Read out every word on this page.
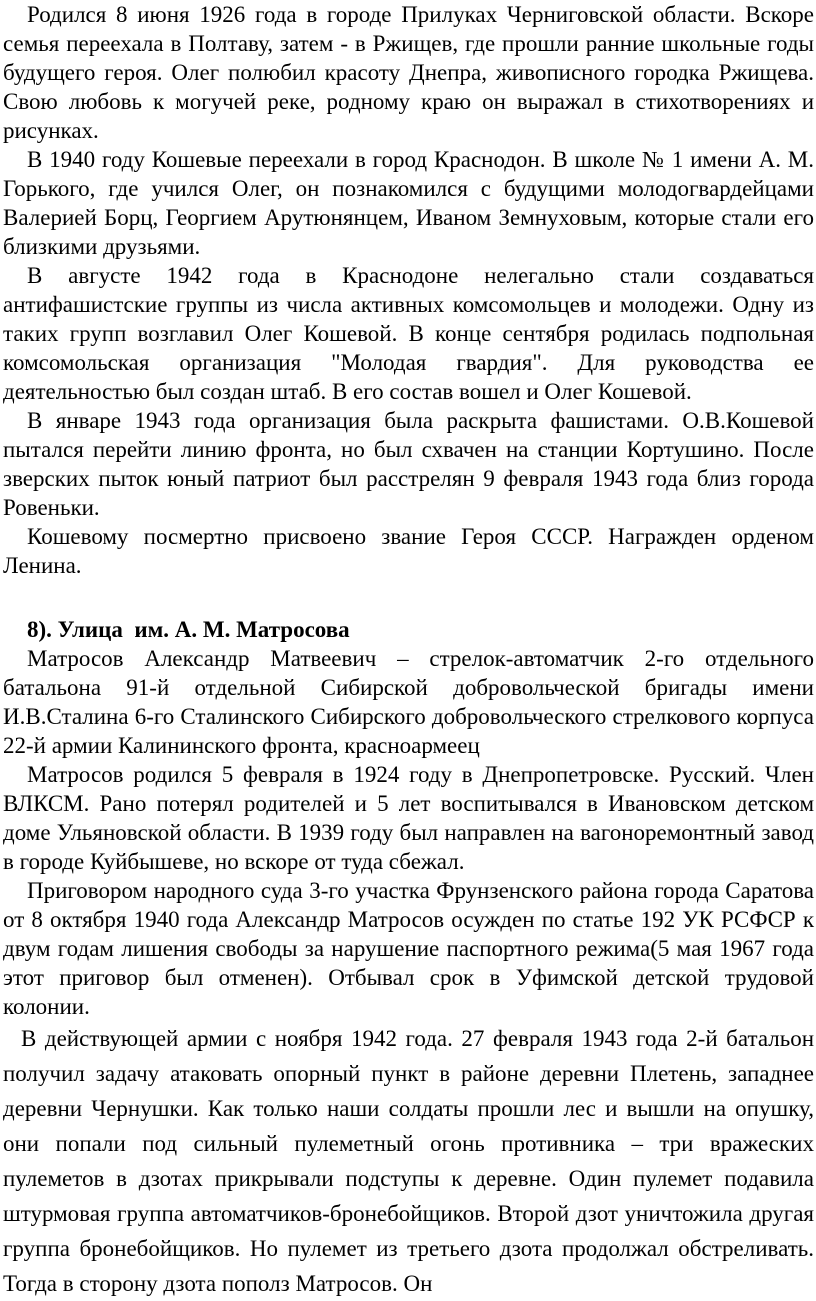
Родился 8 июня 1926 года в городе Прилуках Черниговской области. Вскоре семья переехала в Полтаву, затем - в Ржищев, где прошли ранние школьные годы будущего героя. Олег полюбил красоту Днепра, живописного городка Ржищева. Свою любовь к могучей реке, родному краю он выражал в стихотворениях и рисунках.

В 1940 году Кошевые переехали в город Краснодон. В школе № 1 имени А. М. Горького, где учился Олег, он познакомился с будущими молодогвардейцами Валерией Борц, Георгием Арутюнянцем, Иваном Земнуховым, которые стали его близкими друзьями.

В августе 1942 года в Краснодоне нелегально стали создаваться антифашистские группы из числа активных комсомольцев и молодежи. Одну из таких групп возглавил Олег Кошевой. В конце сентября родилась подпольная комсомольская организация "Молодая гвардия". Для руководства ее деятельностью был создан штаб. В его состав вошел и Олег Кошевой.

В январе 1943 года организация была раскрыта фашистами. О.В.Кошевой пытался перейти линию фронта, но был схвачен на станции Кортушино. После зверских пыток юный патриот был расстрелян 9 февраля 1943 года близ города Ровеньки.

Кошевому посмертно присвоено звание Героя СССР. Награжден орденом Ленина.

8). Улица  им. А. М. Матросова

Матросов Александр Матвеевич – стрелок-автоматчик 2-го отдельного батальона 91-й отдельной Сибирской добровольческой бригады имени И.В.Сталина 6-го Сталинского Сибирского добровольческого стрелкового корпуса 22-й армии Калининского фронта, красноармеец

Матросов родился 5 февраля в 1924 году в Днепропетровске. Русский. Член ВЛКСМ. Рано потерял родителей и 5 лет воспитывался в Ивановском детском доме Ульяновской области. В 1939 году был направлен на вагоноремонтный завод в городе Куйбышеве, но вскоре от туда сбежал.

Приговором народного суда 3-го участка Фрунзенского района города Саратова от 8 октября 1940 года Александр Матросов осужден по статье 192 УК РСФСР к двум годам лишения свободы за нарушение паспортного режима(5 мая 1967 года этот приговор был отменен). Отбывал срок в Уфимской детской трудовой колонии.

В действующей армии с ноября 1942 года. 27 февраля 1943 года 2-й батальон получил задачу атаковать опорный пункт в районе деревни Плетень, западнее деревни Чернушки. Как только наши солдаты прошли лес и вышли на опушку, они попали под сильный пулеметный огонь противника – три вражеских пулеметов в дзотах прикрывали подступы к деревне. Один пулемет подавила штурмовая группа автоматчиков-бронебойщиков. Второй дзот уничтожила другая группа бронебойщиков. Но пулемет из третьего дзота продолжал обстреливать. Тогда в сторону дзота пополз Матросов. Он
